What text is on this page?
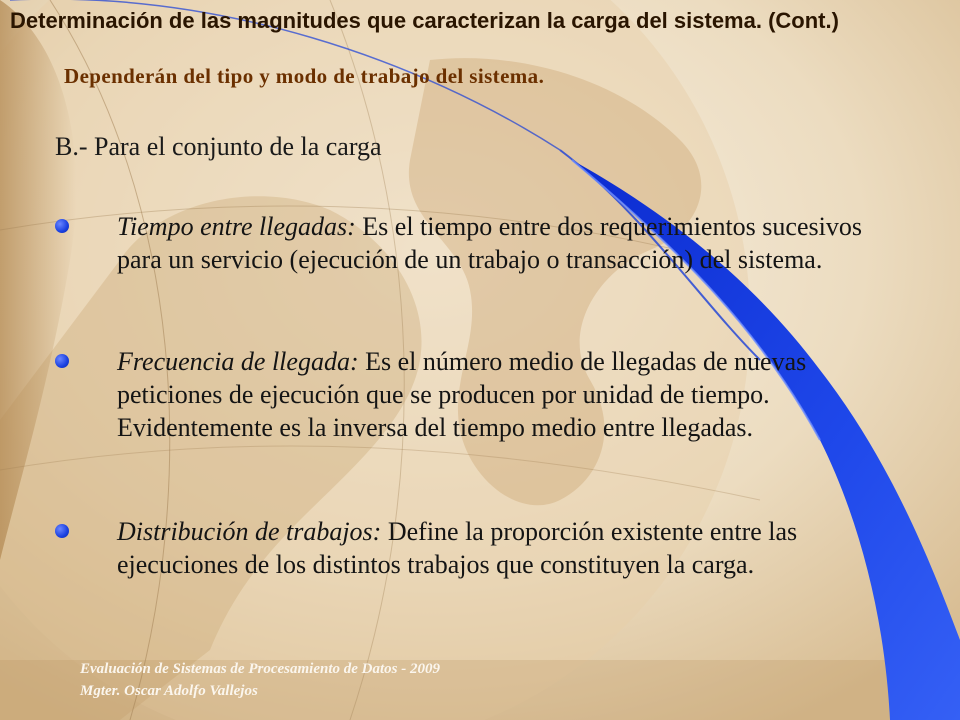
Determinación de las magnitudes que caracterizan la carga del sistema. (Cont.)
Dependerán del tipo y modo de trabajo del sistema.
B.- Para el conjunto de la carga
Tiempo entre llegadas: Es el tiempo entre dos requerimientos sucesivos para un servicio (ejecución de un trabajo o transacción) del sistema.
Frecuencia de llegada: Es el número medio de llegadas de nuevas peticiones de ejecución que se producen por unidad de tiempo. Evidentemente es la inversa del tiempo medio entre llegadas.
Distribución de trabajos: Define la proporción existente entre las ejecuciones de los distintos trabajos que constituyen la carga.
Evaluación de Sistemas de Procesamiento de Datos - 2009
Mgter. Oscar Adolfo Vallejos
